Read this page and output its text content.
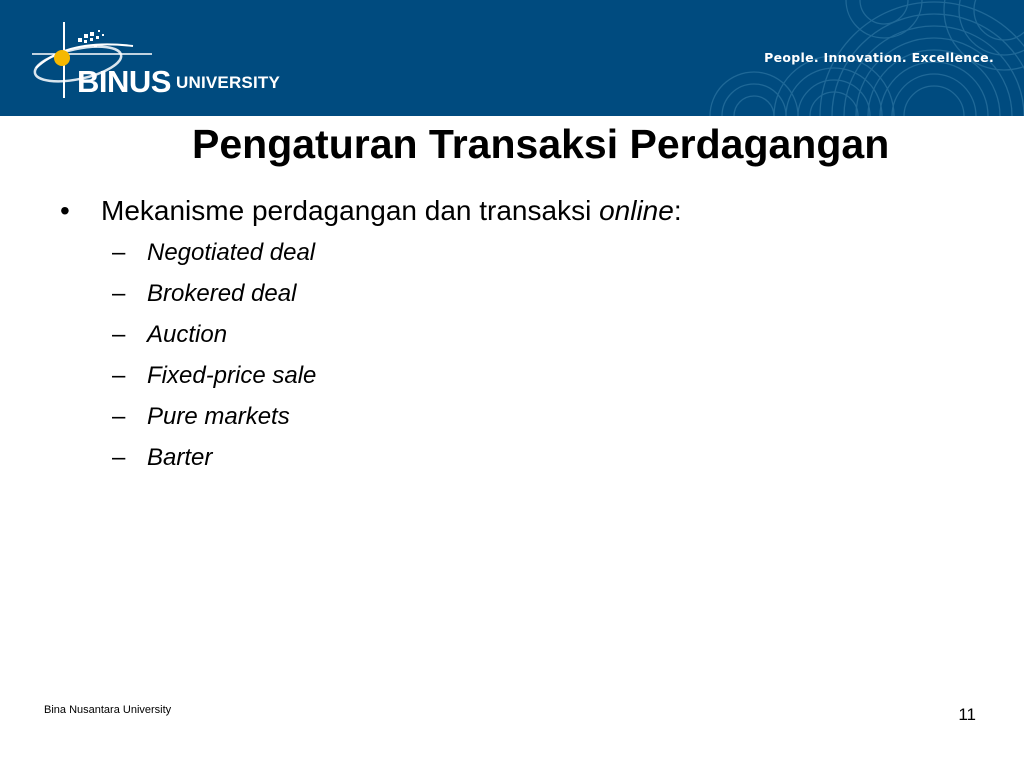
BINUS UNIVERSITY
People. Innovation. Excellence.
Pengaturan Transaksi Perdagangan
• Mekanisme perdagangan dan transaksi online:
– Negotiated deal
– Brokered deal
– Auction
– Fixed-price sale
– Pure markets
– Barter
Bina Nusantara University	11
